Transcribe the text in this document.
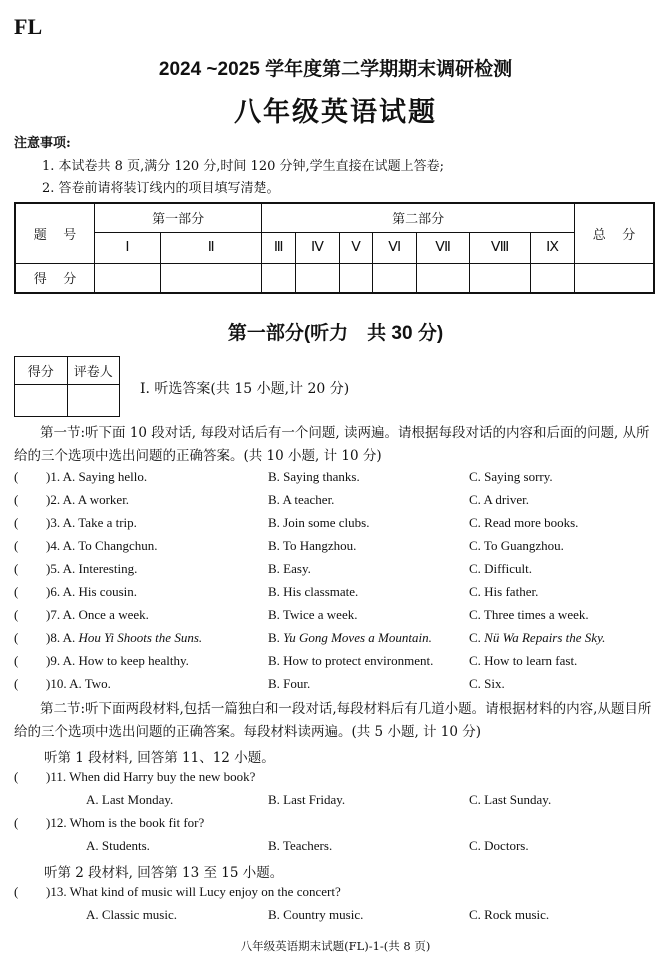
FL
2024 ~2025 学年度第二学期期末调研检测
八年级英语试题
注意事项:
1. 本试卷共 8 页,满分 120 分,时间 120 分钟,学生直接在试题上答卷;
2. 答卷前请将装订线内的项目填写清楚。
题 号	第一部分		第二部分							总 分
	Ⅰ	Ⅱ	Ⅲ	Ⅳ	Ⅴ	Ⅵ	Ⅶ	Ⅷ	Ⅸ	
得 分										
第一部分(听力　共 30 分)
得分	评卷人

Ⅰ. 听选答案(共 15 小题,计 20 分)
第一节:听下面 10 段对话, 每段对话后有一个问题, 读两遍。请根据每段对话的内容和后面的问题, 从所给的三个选项中选出问题的正确答案。(共 10 小题, 计 10 分)
( )1. A. Saying hello.	B. Saying thanks.	C. Saying sorry.
( )2. A. A worker.	B. A teacher.	C. A driver.
( )3. A. Take a trip.	B. Join some clubs.	C. Read more books.
( )4. A. To Changchun.	B. To Hangzhou.	C. To Guangzhou.
( )5. A. Interesting.	B. Easy.	C. Difficult.
( )6. A. His cousin.	B. His classmate.	C. His father.
( )7. A. Once a week.	B. Twice a week.	C. Three times a week.
( )8. A. Hou Yi Shoots the Suns.	B. Yu Gong Moves a Mountain.	C. Nü Wa Repairs the Sky.
( )9. A. How to keep healthy.	B. How to protect environment.	C. How to learn fast.
( )10. A. Two.	B. Four.	C. Six.
第二节:听下面两段材料,包括一篇独白和一段对话,每段材料后有几道小题。请根据材料的内容,从题目所给的三个选项中选出问题的正确答案。每段材料读两遍。(共 5 小题, 计 10 分)
听第 1 段材料, 回答第 11、12 小题。
( )11. When did Harry buy the new book?
A. Last Monday.	B. Last Friday.	C. Last Sunday.
( )12. Whom is the book fit for?
A. Students.	B. Teachers.	C. Doctors.
听第 2 段材料, 回答第 13 至 15 小题。
( )13. What kind of music will Lucy enjoy on the concert?
A. Classic music.	B. Country music.	C. Rock music.
八年级英语期末试题(FL)-1-(共 8 页)
